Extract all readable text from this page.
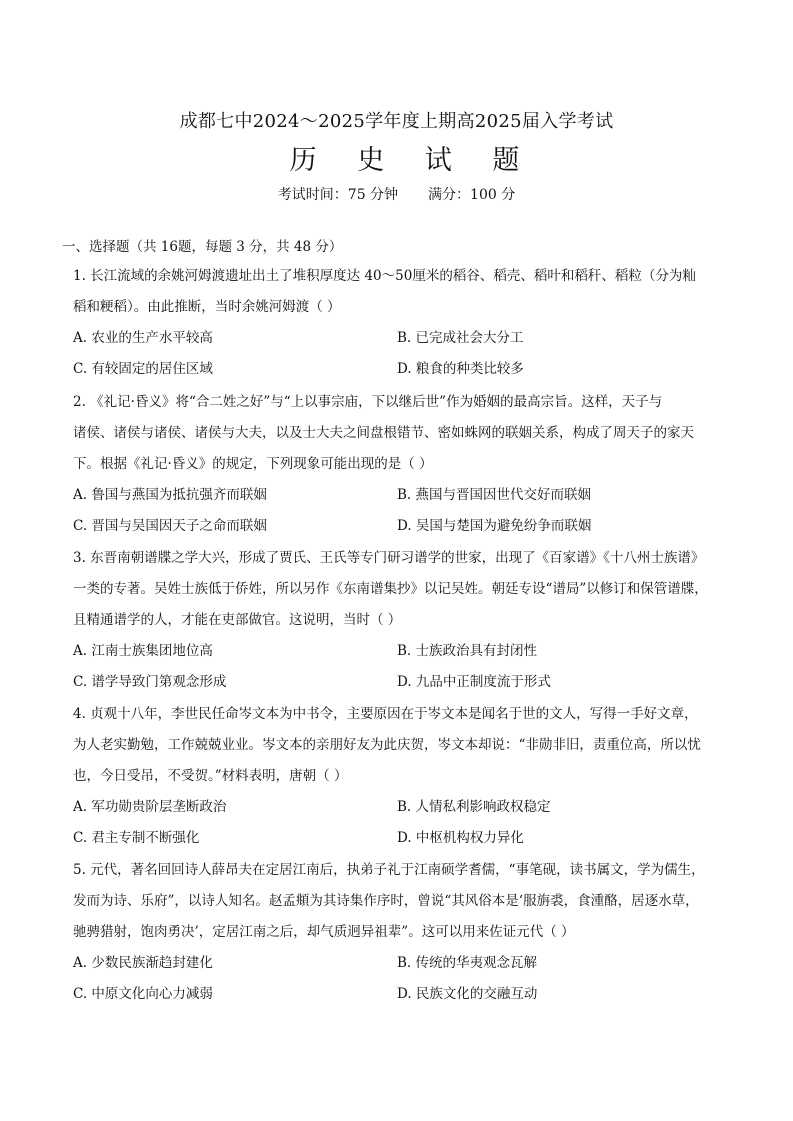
成都七中2024～2025学年度上期高2025届入学考试
历 史 试 题
考试时间：75 分钟 满分：100 分
一、选择题（共 16题，每题 3 分，共 48 分）
1. 长江流域的余姚河姆渡遗址出土了堆积厚度达 40～50厘米的稻谷、稻壳、稻叶和稻秆、稻粒（分为籼
稻和粳稻）。由此推断，当时余姚河姆渡（ ）
A. 农业的生产水平较高	B. 已完成社会大分工
C. 有较固定的居住区域	D. 粮食的种类比较多
2. 《礼记·昏义》将“合二姓之好”与“上以事宗庙，下以继后世”作为婚姻的最高宗旨。这样，天子与
诸侯、诸侯与诸侯、诸侯与大夫，以及士大夫之间盘根错节、密如蛛网的联姻关系，构成了周天子的家天
下。根据《礼记·昏义》的规定，下列现象可能出现的是（ ）
A. 鲁国与燕国为抵抗强齐而联姻	B. 燕国与晋国因世代交好而联姻
C. 晋国与吴国因天子之命而联姻	D. 吴国与楚国为避免纷争而联姻
3. 东晋南朝谱牒之学大兴，形成了贾氏、王氏等专门研习谱学的世家，出现了《百家谱》《十八州士族谱》
一类的专著。吴姓士族低于侨姓，所以另作《东南谱集抄》以记吴姓。朝廷专设“谱局”以修订和保管谱牒，
且精通谱学的人，才能在吏部做官。这说明，当时（ ）
A. 江南士族集团地位高	B. 士族政治具有封闭性
C. 谱学导致门第观念形成	D. 九品中正制度流于形式
4. 贞观十八年，李世民任命岑文本为中书令，主要原因在于岑文本是闻名于世的文人，写得一手好文章，
为人老实勤勉，工作兢兢业业。岑文本的亲朋好友为此庆贺，岑文本却说：“非勋非旧，责重位高，所以忧
也，今日受吊，不受贺。”材料表明，唐朝（ ）
A. 军功勋贵阶层垄断政治	B. 人情私利影响政权稳定
C. 君主专制不断强化	D. 中枢机构权力异化
5. 元代，著名回回诗人薛昂夫在定居江南后，执弟子礼于江南硕学耆儒，“事笔砚，读书属文，学为儒生，
发而为诗、乐府”，以诗人知名。赵孟頫为其诗集作序时，曾说“其风俗本是‘服旃裘，食湩酪，居逐水草，
驰骋猎射，饱肉勇决’，定居江南之后，却气质迥异祖辈”。这可以用来佐证元代（ ）
A. 少数民族渐趋封建化	B. 传统的华夷观念瓦解
C. 中原文化向心力减弱	D. 民族文化的交融互动
